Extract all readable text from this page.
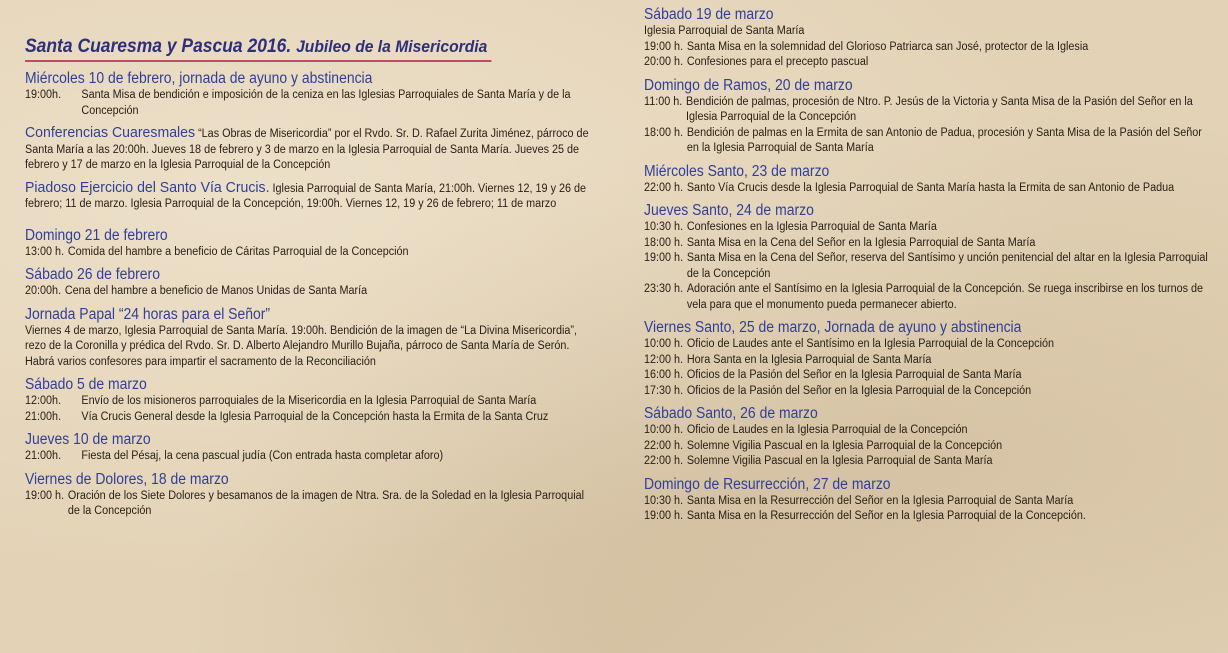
Santa Cuaresma y Pascua 2016. Jubileo de la Misericordia
Miércoles 10 de febrero, jornada de ayuno y abstinencia
19:00h.	Santa Misa de bendición e imposición de la ceniza en las Iglesias Parroquiales de Santa María y de la Concepción
Conferencias Cuaresmales “Las Obras de Misericordia” por el Rvdo. Sr. D. Rafael Zurita Jiménez, párroco de Santa María a las 20:00h. Jueves 18 de febrero y 3 de marzo en la Iglesia Parroquial de Santa María. Jueves 25 de febrero y 17 de marzo en la Iglesia Parroquial de la Concepción
Piadoso Ejercicio del Santo Vía Crucis. Iglesia Parroquial de Santa María, 21:00h. Viernes 12, 19 y 26 de febrero; 11 de marzo. Iglesia Parroquial de la Concepción, 19:00h. Viernes 12, 19 y 26 de febrero; 11 de marzo
Domingo 21 de febrero
13:00 h. Comida del hambre a beneficio de Cáritas Parroquial de la Concepción
Sábado 26 de febrero
20:00h. Cena del hambre a beneficio de Manos Unidas de Santa María
Jornada Papal “24 horas para el Señor”
Viernes 4 de marzo, Iglesia Parroquial de Santa María. 19:00h. Bendición de la imagen de “La Divina Misericordia”, rezo de la Coronilla y prédica del Rvdo. Sr. D. Alberto Alejandro Murillo Bujaña, párroco de Santa María de Serón. Habrá varios confesores para impartir el sacramento de la Reconciliación
Sábado 5 de marzo
12:00h.	Envío de los misioneros parroquiales de la Misericordia en la Iglesia Parroquial de Santa María
21:00h.	Vía Crucis General desde la Iglesia Parroquial de la Concepción hasta la Ermita de la Santa Cruz
Jueves 10 de marzo
21:00h.	Fiesta del Pésaj, la cena pascual judía (Con entrada hasta completar aforo)
Viernes de Dolores, 18 de marzo
19:00 h. Oración de los Siete Dolores y besamanos de la imagen de Ntra. Sra. de la Soledad en la Iglesia Parroquial de la Concepción
Sábado 19 de marzo
Iglesia Parroquial de Santa María
19:00 h. Santa Misa en la solemnidad del Glorioso Patriarca san José, protector de la Iglesia
20:00 h. Confesiones para el precepto pascual
Domingo de Ramos, 20 de marzo
11:00 h. Bendición de palmas, procesión de Ntro. P. Jesús de la Victoria y Santa Misa de la Pasión del Señor en la Iglesia Parroquial de la Concepción
18:00 h. Bendición de palmas en la Ermita de san Antonio de Padua, procesión y Santa Misa de la Pasión del Señor en la Iglesia Parroquial de Santa María
Miércoles Santo, 23 de marzo
22:00 h. Santo Vía Crucis desde la Iglesia Parroquial de Santa María hasta la Ermita de san Antonio de Padua
Jueves Santo, 24 de marzo
10:30 h. Confesiones en la Iglesia Parroquial de Santa María
18:00 h. Santa Misa en la Cena del Señor en la Iglesia Parroquial de Santa María
19:00 h. Santa Misa en la Cena del Señor, reserva del Santísimo y unción penitencial del altar en la Iglesia Parroquial de la Concepción
23:30 h. Adoración ante el Santísimo en la Iglesia Parroquial de la Concepción. Se ruega inscribirse en los turnos de vela para que el monumento pueda permanecer abierto.
Viernes Santo, 25 de marzo, Jornada de ayuno y abstinencia
10:00 h. Oficio de Laudes ante el Santísimo en la Iglesia Parroquial de la Concepción
12:00 h. Hora Santa en la Iglesia Parroquial de Santa María
16:00 h. Oficios de la Pasión del Señor en la Iglesia Parroquial de Santa María
17:30 h. Oficios de la Pasión del Señor en la Iglesia Parroquial de la Concepción
Sábado Santo, 26 de marzo
10:00 h. Oficio de Laudes en la Iglesia Parroquial de la Concepción
22:00 h. Solemne Vigilia Pascual en la Iglesia Parroquial de la Concepción
22:00 h. Solemne Vigilia Pascual en la Iglesia Parroquial de Santa María
Domingo de Resurrección, 27 de marzo
10:30 h. Santa Misa en la Resurrección del Señor en la Iglesia Parroquial de Santa María
19:00 h. Santa Misa en la Resurrección del Señor en la Iglesia Parroquial de la Concepción.
